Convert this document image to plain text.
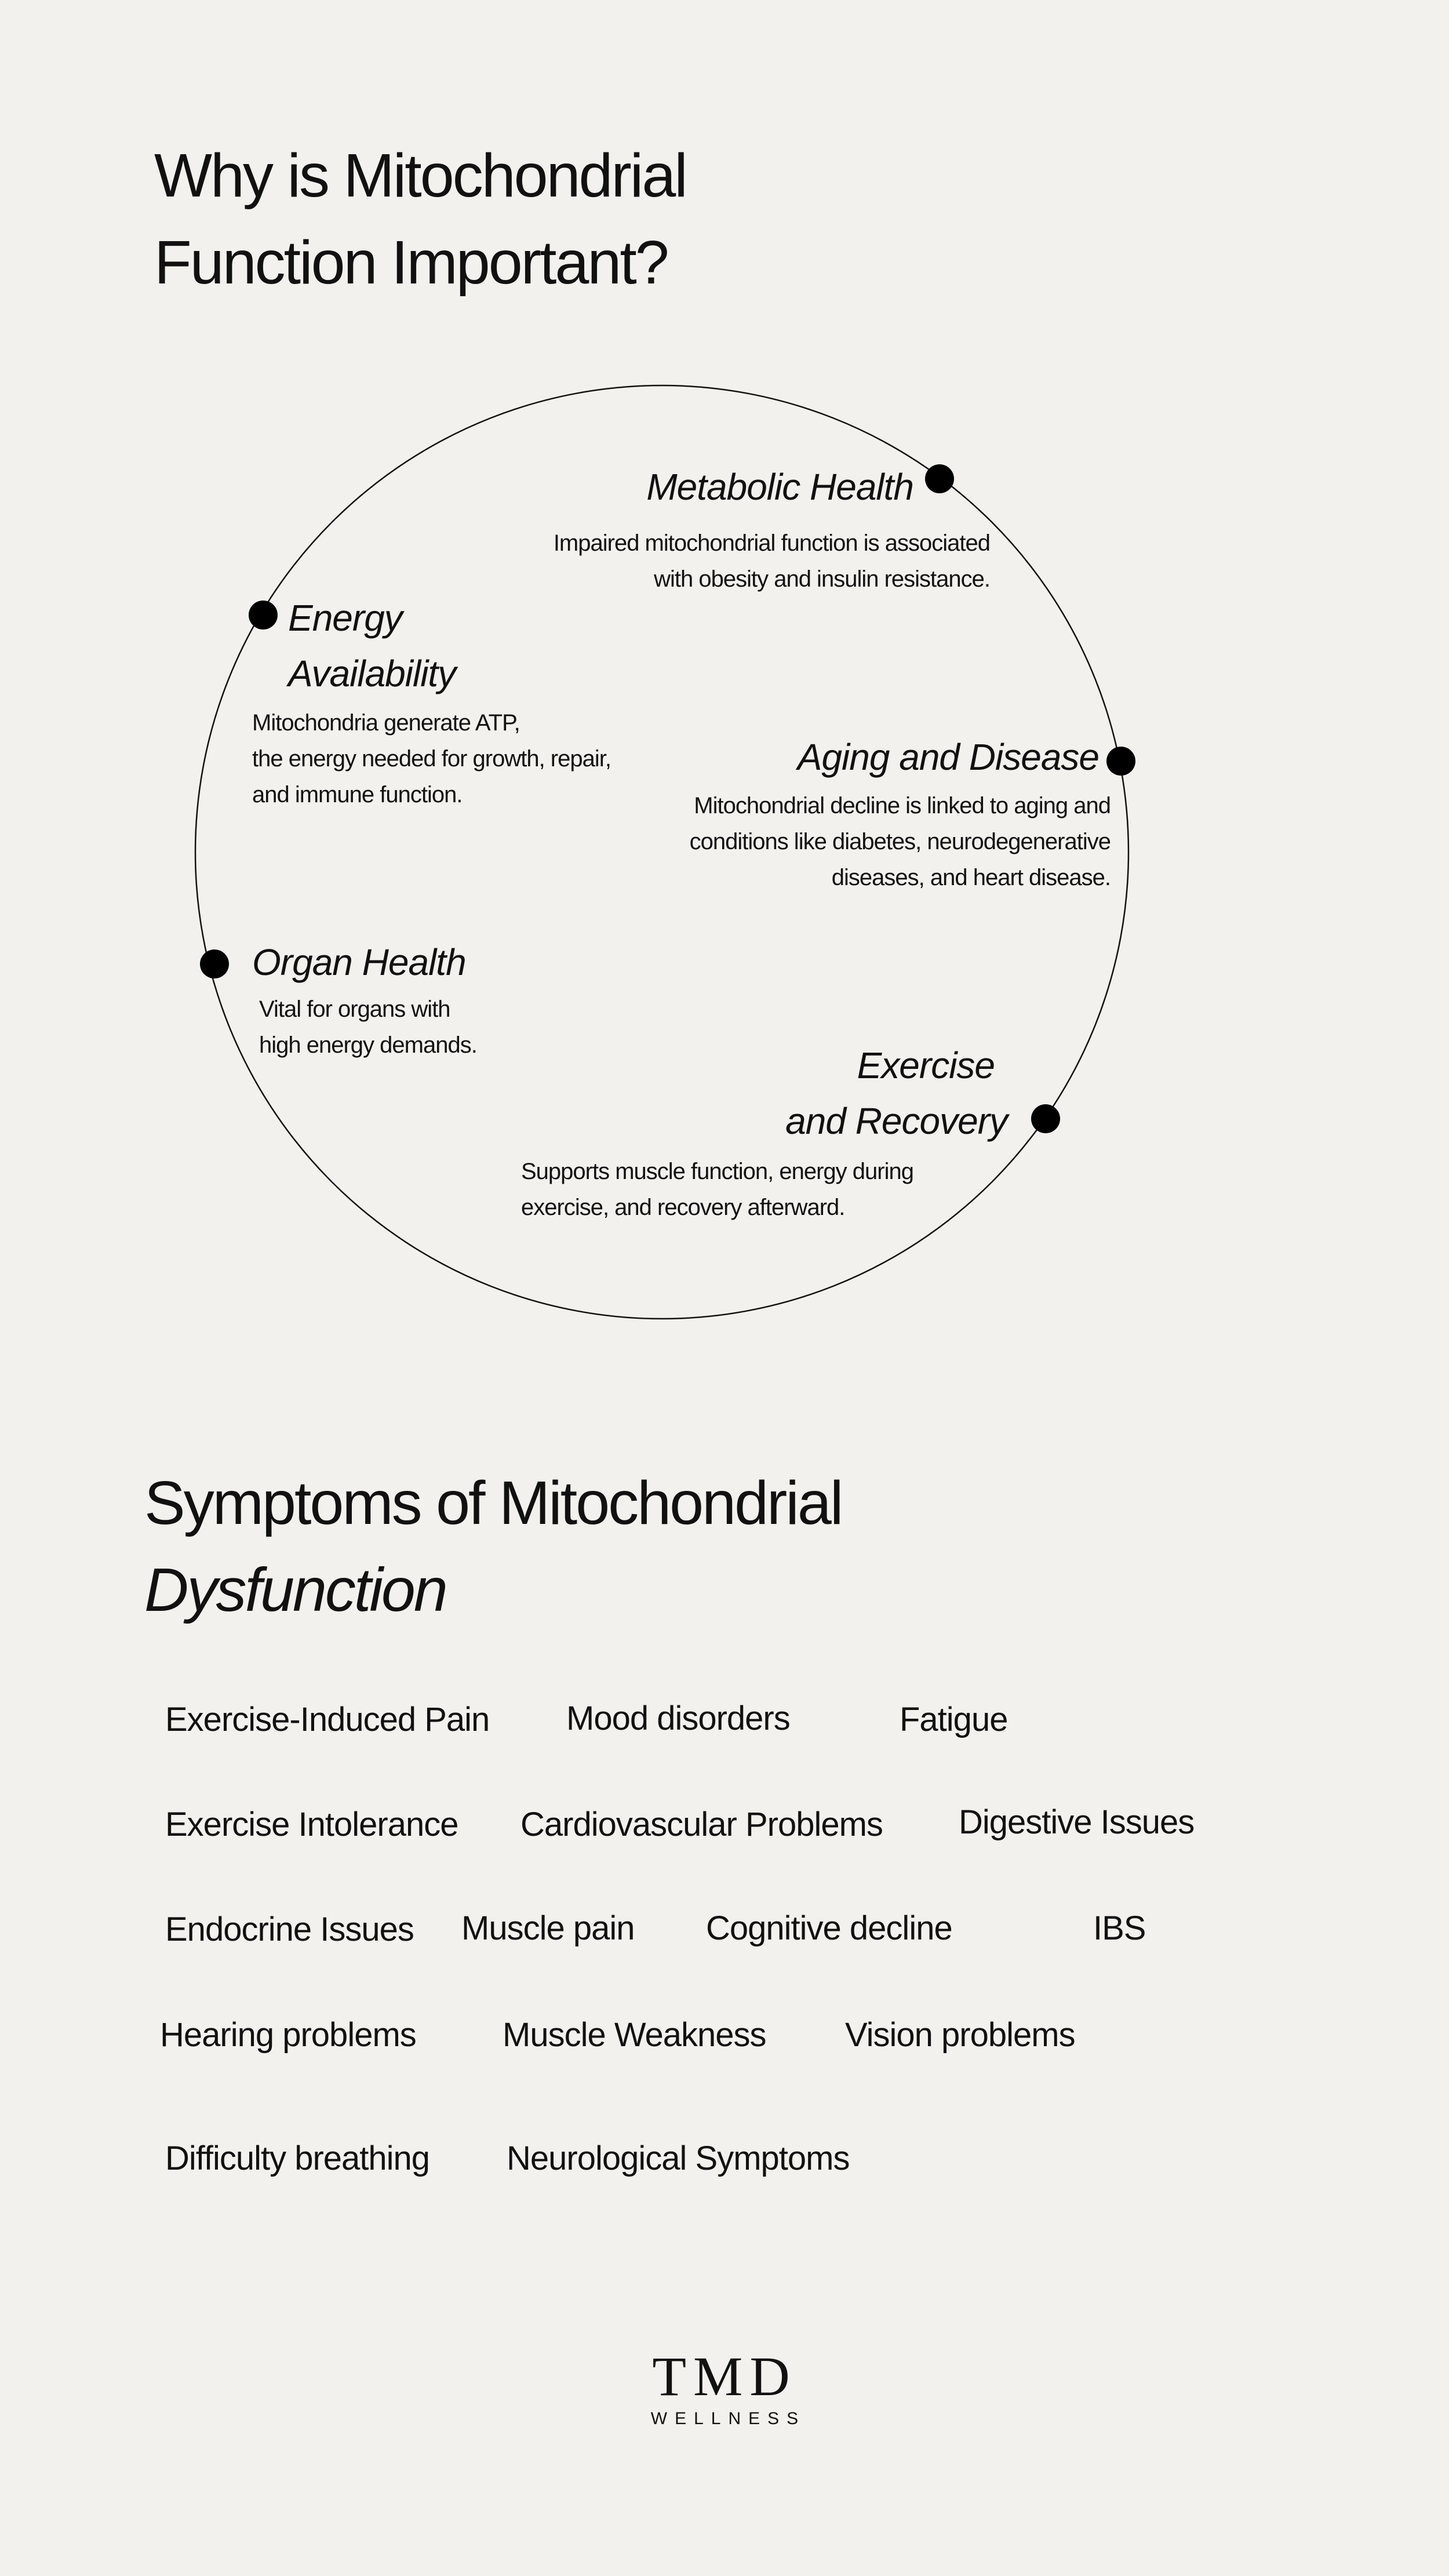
Why is Mitochondrial
Function Important?
Metabolic Health
Impaired mitochondrial function is associated
with obesity and insulin resistance.
Energy
Availability
Mitochondria generate ATP,
the energy needed for growth, repair,
and immune function.
Aging and Disease
Mitochondrial decline is linked to aging and
conditions like diabetes, neurodegenerative
diseases, and heart disease.
Organ Health
Vital for organs with
high energy demands.	Exercise
and Recovery
Supports muscle function, energy during
exercise, and recovery afterward.
Symptoms of Mitochondrial
Dysfunction
Exercise-Induced Pain Mood disorders	Fatigue
Exercise Intolerance Cardiovascular Problems Digestive Issues
Endocrine Issues Muscle pain Cognitive decline	IBS
Hearing problems	Muscle Weakness Vision problems
Difficulty breathing Neurological Symptoms
TMD
WELLNESS
